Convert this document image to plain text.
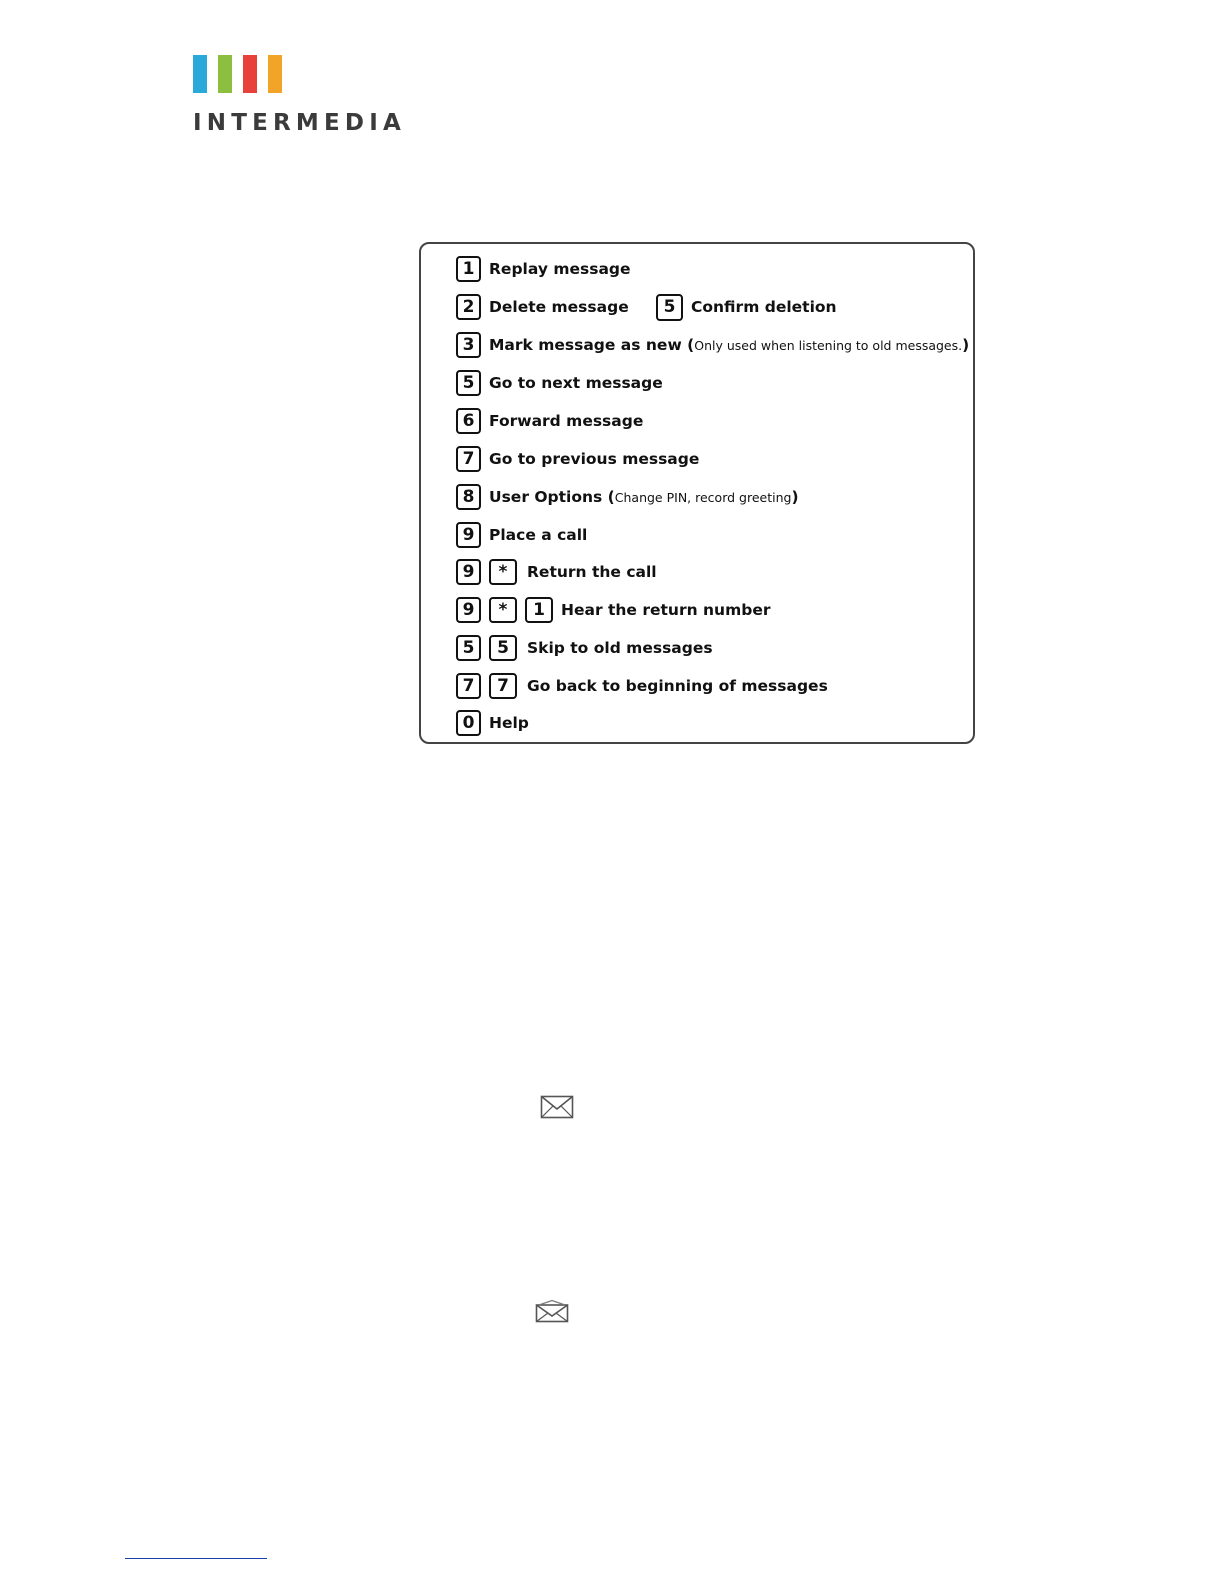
INTERMEDIA
1 Replay message
2 Delete message	5	Confirm deletion
3 Mark message as new ( Only used when listening to old messages. )
5 Go to next message
6 Forward message
7 Go to previous message
8 User Options ( Change PIN, record greeting )
9 Place a call
9	*	Return the call
9	*	1	Hear the return number
5	5	Skip to old messages
7	7	Go back to beginning of messages
0 Help
